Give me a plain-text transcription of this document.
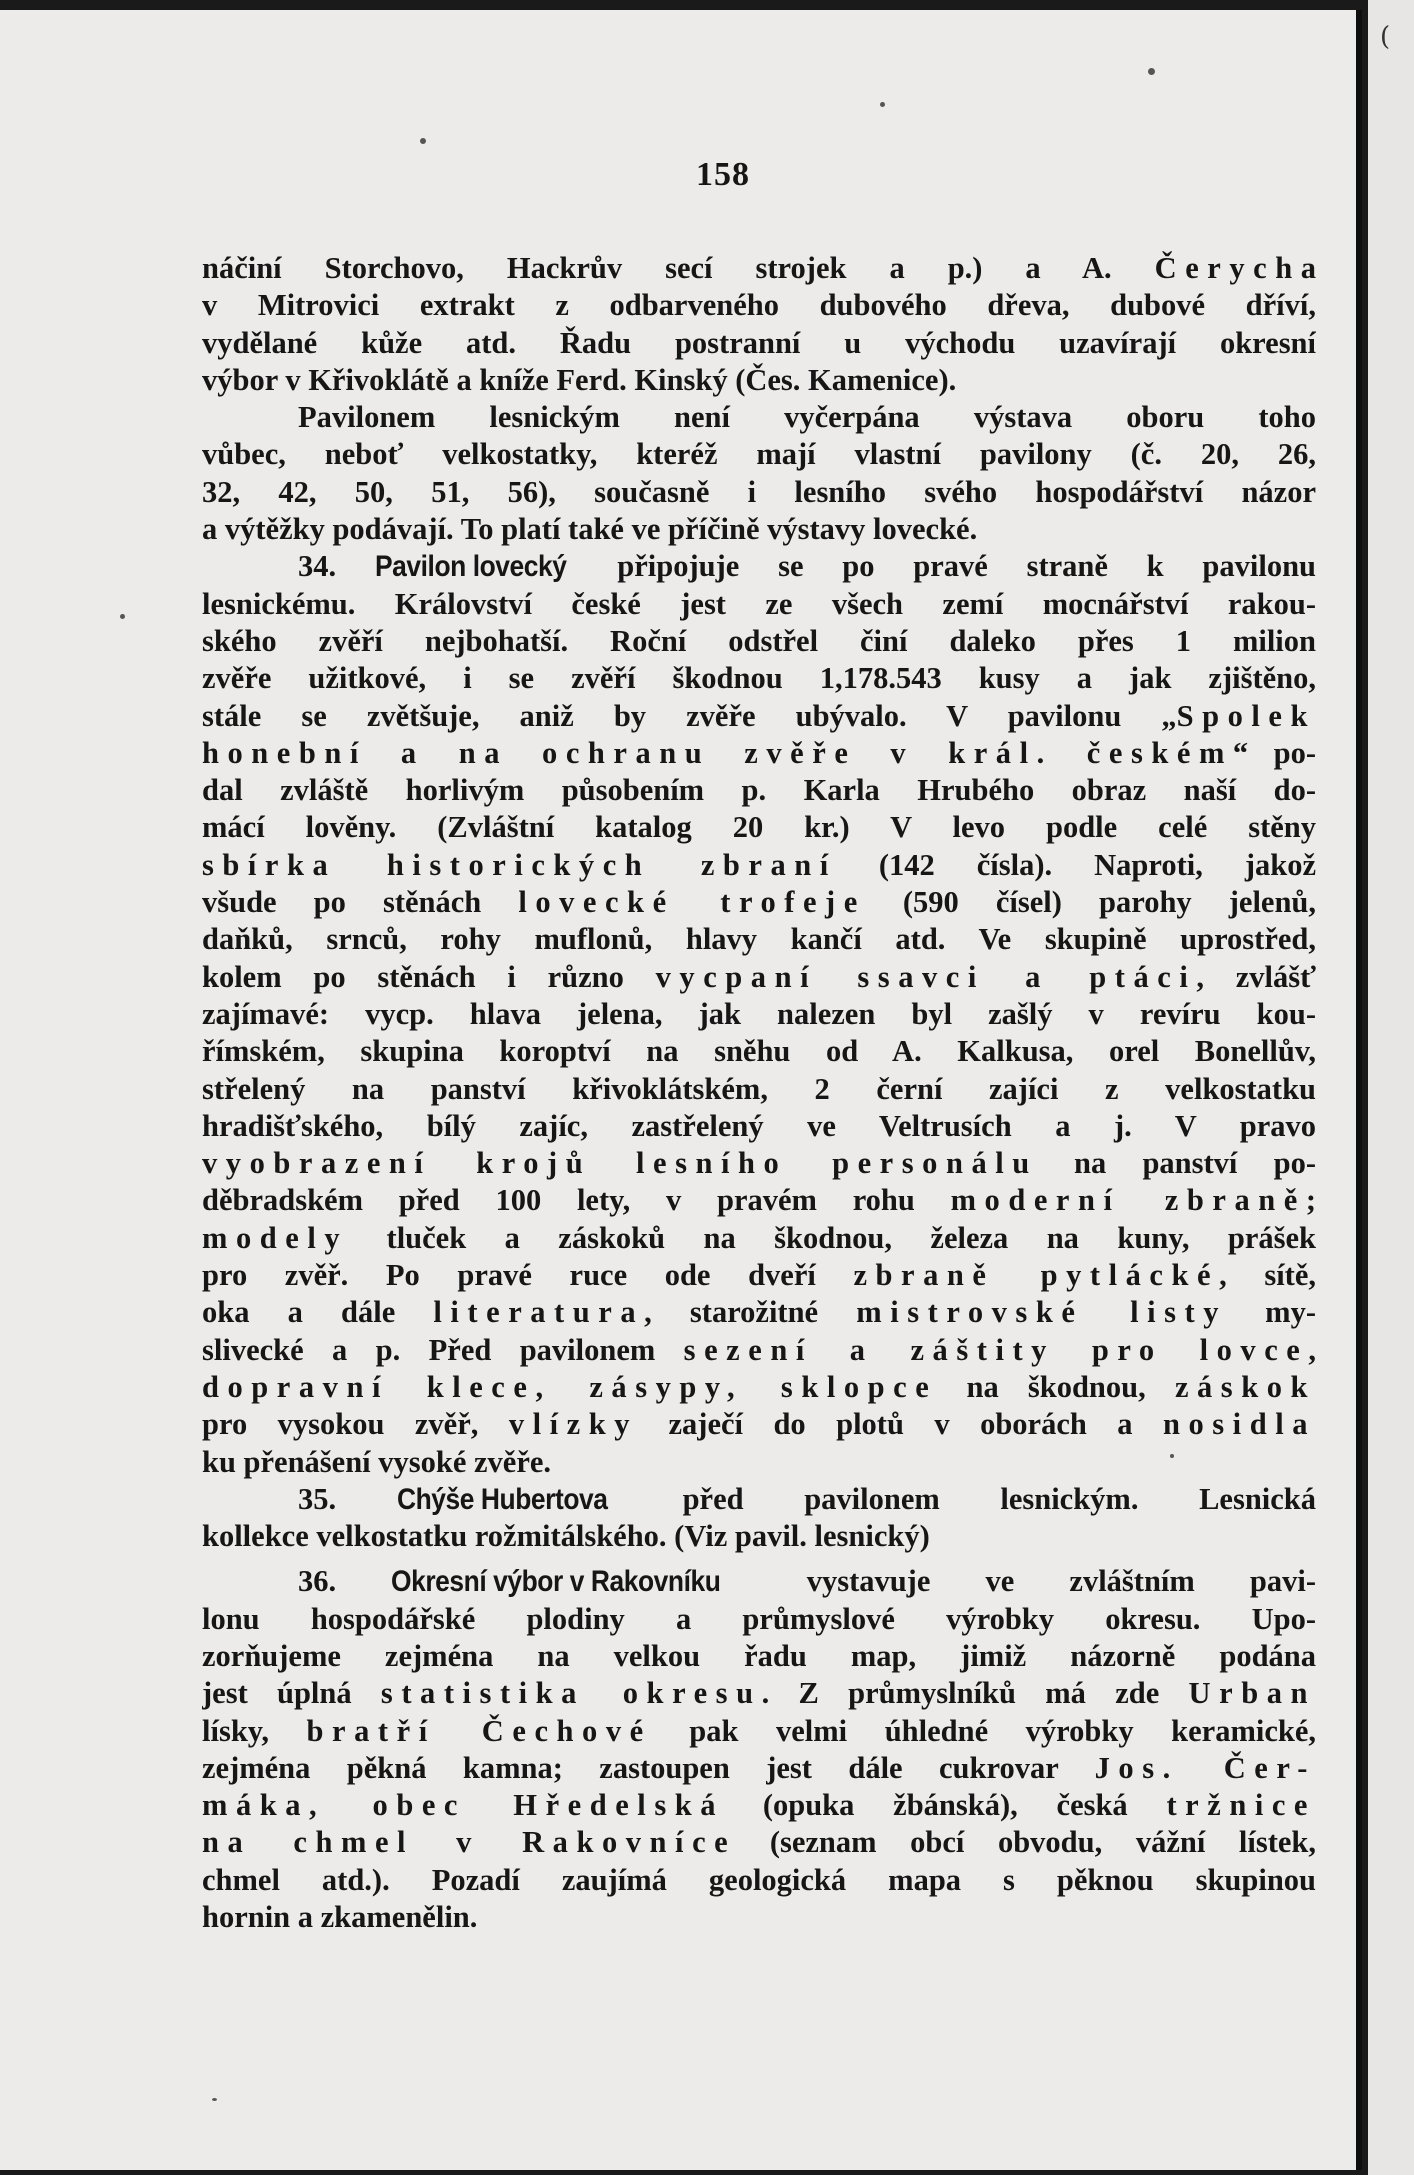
158
náčiní Storchovo, Hackrův secí strojek a p.) a A. Čerycha
v Mitrovici extrakt z odbarveného dubového dřeva, dubové dříví,
vydělané kůže atd. Řadu postranní u východu uzavírají okresní
výbor v Křivoklátě a kníže Ferd. Kinský (Čes. Kamenice).
Pavilonem lesnickým není vyčerpána výstava oboru toho
vůbec, neboť velkostatky, kteréž mají vlastní pavilony (č. 20, 26,
32, 42, 50, 51, 56), současně i lesního svého hospodářství názor
a výtěžky podávají. To platí také ve příčině výstavy lovecké.
34. Pavilon lovecký připojuje se po pravé straně k pavilonu
lesnickému. Království české jest ze všech zemí mocnářství rakou-
ského zvěří nejbohatší. Roční odstřel činí daleko přes 1 milion
zvěře užitkové, i se zvěří škodnou 1,178.543 kusy a jak zjištěno,
stále se zvětšuje, aniž by zvěře ubývalo. V pavilonu „Spolek
honební a na ochranu zvěře v král. českém“ po-
dal zvláště horlivým působením p. Karla Hrubého obraz naší do-
mácí lověny. (Zvláštní katalog 20 kr.) V levo podle celé stěny
sbírka historických zbraní (142 čísla). Naproti, jakož
všude po stěnách lovecké trofeje (590 čísel) parohy jelenů,
daňků, srnců, rohy muflonů, hlavy kančí atd. Ve skupině uprostřed,
kolem po stěnách i různo vycpaní ssavci a ptáci, zvlášť
zajímavé: vycp. hlava jelena, jak nalezen byl zašlý v revíru kou-
římském, skupina koroptví na sněhu od A. Kalkusa, orel Bonellův,
střelený na panství křivoklátském, 2 černí zajíci z velkostatku
hradišťského, bílý zajíc, zastřelený ve Veltrusích a j. V pravo
vyobrazení krojů lesního personálu na panství po-
děbradském před 100 lety, v pravém rohu moderní zbraně;
modely tluček a záskoků na škodnou, železa na kuny, prášek
pro zvěř. Po pravé ruce ode dveří zbraně pytlácké, sítě,
oka a dále literatura, starožitné mistrovské listy my-
slivecké a p. Před pavilonem sezení a záštity pro lovce,
dopravní klece, zásypy, sklopce na škodnou, záskok
pro vysokou zvěř, vlízky zaječí do plotů v oborách a nosidla
ku přenášení vysoké zvěře.
35. Chýše Hubertova před pavilonem lesnickým. Lesnická
kollekce velkostatku rožmitálského. (Viz pavil. lesnický)
36. Okresní výbor v Rakovníku vystavuje ve zvláštním pavi-
lonu hospodářské plodiny a průmyslové výrobky okresu. Upo-
zorňujeme zejména na velkou řadu map, jimiž názorně podána
jest úplná statistika okresu. Z průmyslníků má zde Urban
lísky, bratří Čechové pak velmi úhledné výrobky keramické,
zejména pěkná kamna; zastoupen jest dále cukrovar Jos. Čer-
máka, obec Hředelská (opuka žbánská), česká tržnice
na chmel v Rakovníce (seznam obcí obvodu, vážní lístek,
chmel atd.). Pozadí zaujímá geologická mapa s pěknou skupinou
hornin a zkamenělin.
(
